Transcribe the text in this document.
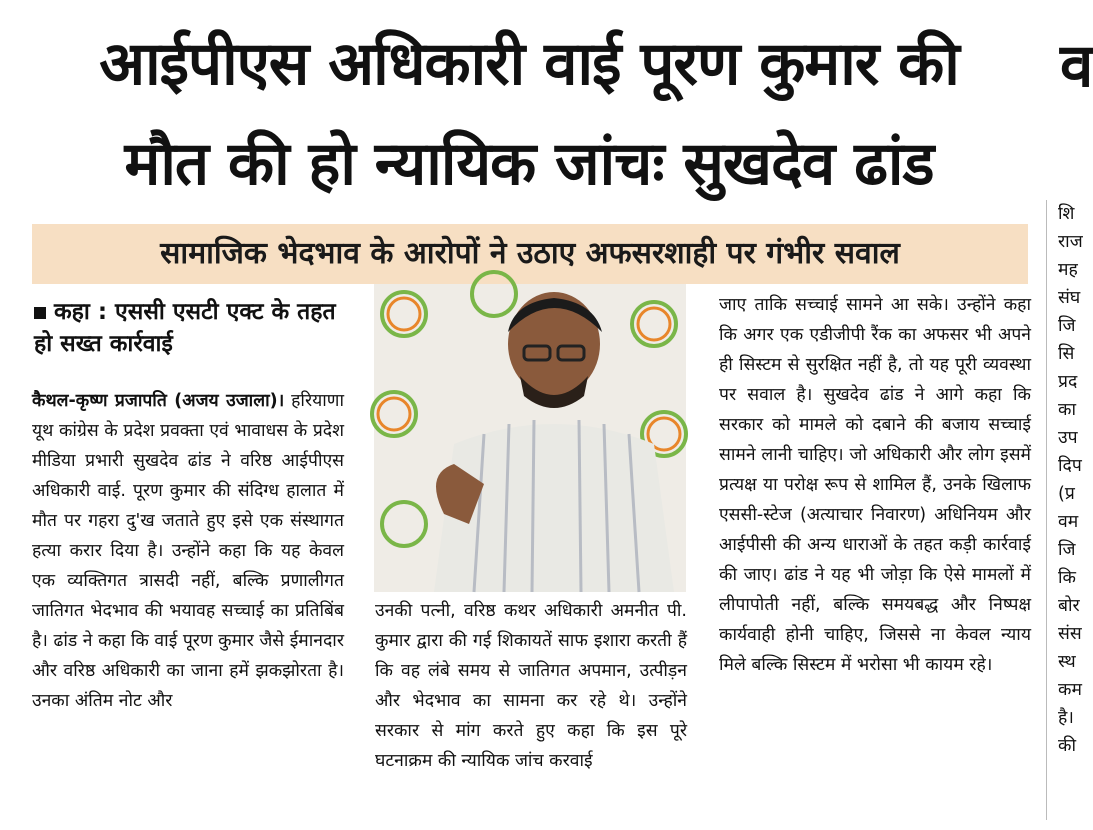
आईपीएस अधिकारी वाई पूरण कुमार की
मौत की हो न्यायिक जांचः सुखदेव ढांड
व
सामाजिक भेदभाव के आरोपों ने उठाए अफसरशाही पर गंभीर सवाल
कहा : एससी एसटी एक्ट के तहत हो सख्त कार्रवाई
कैथल-कृष्ण प्रजापति (अजय उजाला)। हरियाणा यूथ कांग्रेस के प्रदेश प्रवक्ता एवं भावाधस के प्रदेश मीडिया प्रभारी सुखदेव ढांड ने वरिष्ठ आईपीएस अधिकारी वाई. पूरण कुमार की संदिग्ध हालात में मौत पर गहरा दु'ख जताते हुए इसे एक संस्थागत हत्या करार दिया है। उन्होंने कहा कि यह केवल एक व्यक्तिगत त्रासदी नहीं, बल्कि प्रणालीगत जातिगत भेदभाव की भयावह सच्चाई का प्रतिबिंब है। ढांड ने कहा कि वाई पूरण कुमार जैसे ईमानदार और वरिष्ठ अधिकारी का जाना हमें झकझोरता है। उनका अंतिम नोट और
उनकी पत्नी, वरिष्ठ कथर अधिकारी अमनीत पी. कुमार द्वारा की गई शिकायतें साफ इशारा करती हैं कि वह लंबे समय से जातिगत अपमान, उत्पीड़न और भेदभाव का सामना कर रहे थे। उन्होंने सरकार से मांग करते हुए कहा कि इस पूरे घटनाक्रम की न्यायिक जांच करवाई
जाए ताकि सच्चाई सामने आ सके। उन्होंने कहा कि अगर एक एडीजीपी रैंक का अफसर भी अपने ही सिस्टम से सुरक्षित नहीं है, तो यह पूरी व्यवस्था पर सवाल है। सुखदेव ढांड ने आगे कहा कि सरकार को मामले को दबाने की बजाय सच्चाई सामने लानी चाहिए। जो अधिकारी और लोग इसमें प्रत्यक्ष या परोक्ष रूप से शामिल हैं, उनके खिलाफ एससी-स्टेज (अत्याचार निवारण) अधिनियम और आईपीसी की अन्य धाराओं के तहत कड़ी कार्रवाई की जाए। ढांड ने यह भी जोड़ा कि ऐसे मामलों में लीपापोती नहीं, बल्कि समयबद्ध और निष्पक्ष कार्यवाही होनी चाहिए, जिससे ना केवल न्याय मिले बल्कि सिस्टम में भरोसा भी कायम रहे।
शि
राज
मह
संघ
जि
सि
प्रद
का
उप
दिप
(प्र
वम
जि
कि
बोर
संस
स्थ
कम
है।
की
